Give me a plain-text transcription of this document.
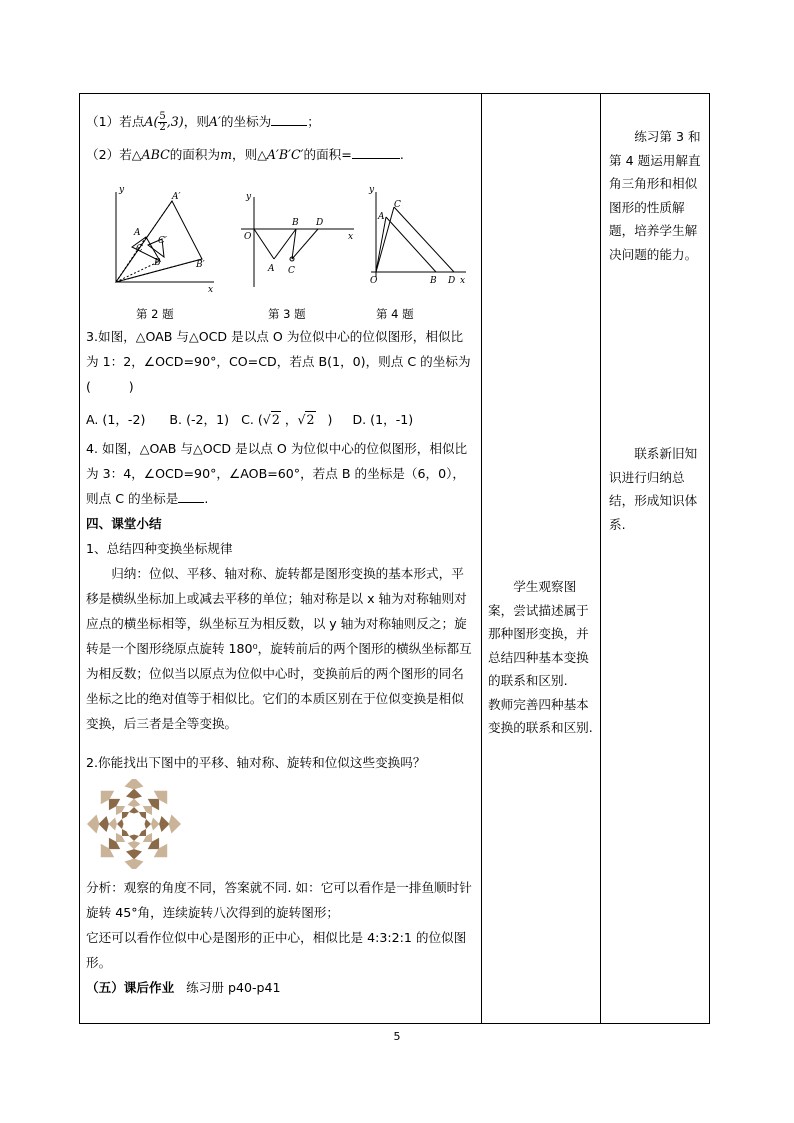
（1）若点$A( \frac{5}{2} ,3)$，则A′的坐标为	；

（2）若△ABC的面积为m，则△A′B′C′的面积=	.

x
y
A
A′
B	B′
C
C′	x
y
O
A
B
C
D
x
y
O
A
B
C
D
第 2 题	第 3 题	第 4 题

3.如图，△OAB 与△OCD 是以点 O 为位似中心的位似图形，相似比为 1：2，∠OCD=90°，CO=CD，若点 B(1，0)，则点 C 的坐标为　(　　　)

A. (1，-2) B. (-2，1) C. (√2 ，√2 ) D. (1，-1)

4. 如图，△OAB 与△OCD 是以点 O 为位似中心的位似图形，相似比为 3：4，∠OCD=90°，∠AOB=60°，若点 B 的坐标是（6，0），则点 C 的坐标是 .

四、课堂小结

1、总结四种变换坐标规律

归纳：位似、平移、轴对称、旋转都是图形变换的基本形式，平移是横纵坐标加上或减去平移的单位；轴对称是以 x 轴为对称轴则对应点的横坐标相等，纵坐标互为相反数，以 y 轴为对称轴则反之；旋转是一个图形绕原点旋转 180⁰，旋转前后的两个图形的横纵坐标都互为相反数；位似当以原点为位似中心时，变换前后的两个图形的同名坐标之比的绝对值等于相似比。它们的本质区别在于位似变换是相似变换，后三者是全等变换。

2.你能找出下图中的平移、轴对称、旋转和位似这些变换吗？

分析：观察的角度不同，答案就不同. 如：它可以看作是一排鱼顺时针旋转 45°角，连续旋转八次得到的旋转图形；

它还可以看作位似中心是图形的正中心，相似比是 4:3:2:1 的位似图形。

（五）课后作业 练习册 p40-p41

学生观察图案，尝试描述属于那种图形变换，并总结四种基本变换的联系和区别.

教师完善四种基本变换的联系和区别.

练习第 3 和第 4 题运用解直角三角形和相似图形的性质解题，培养学生解决问题的能力。

联系新旧知识进行归纳总结，形成知识体系.

5
